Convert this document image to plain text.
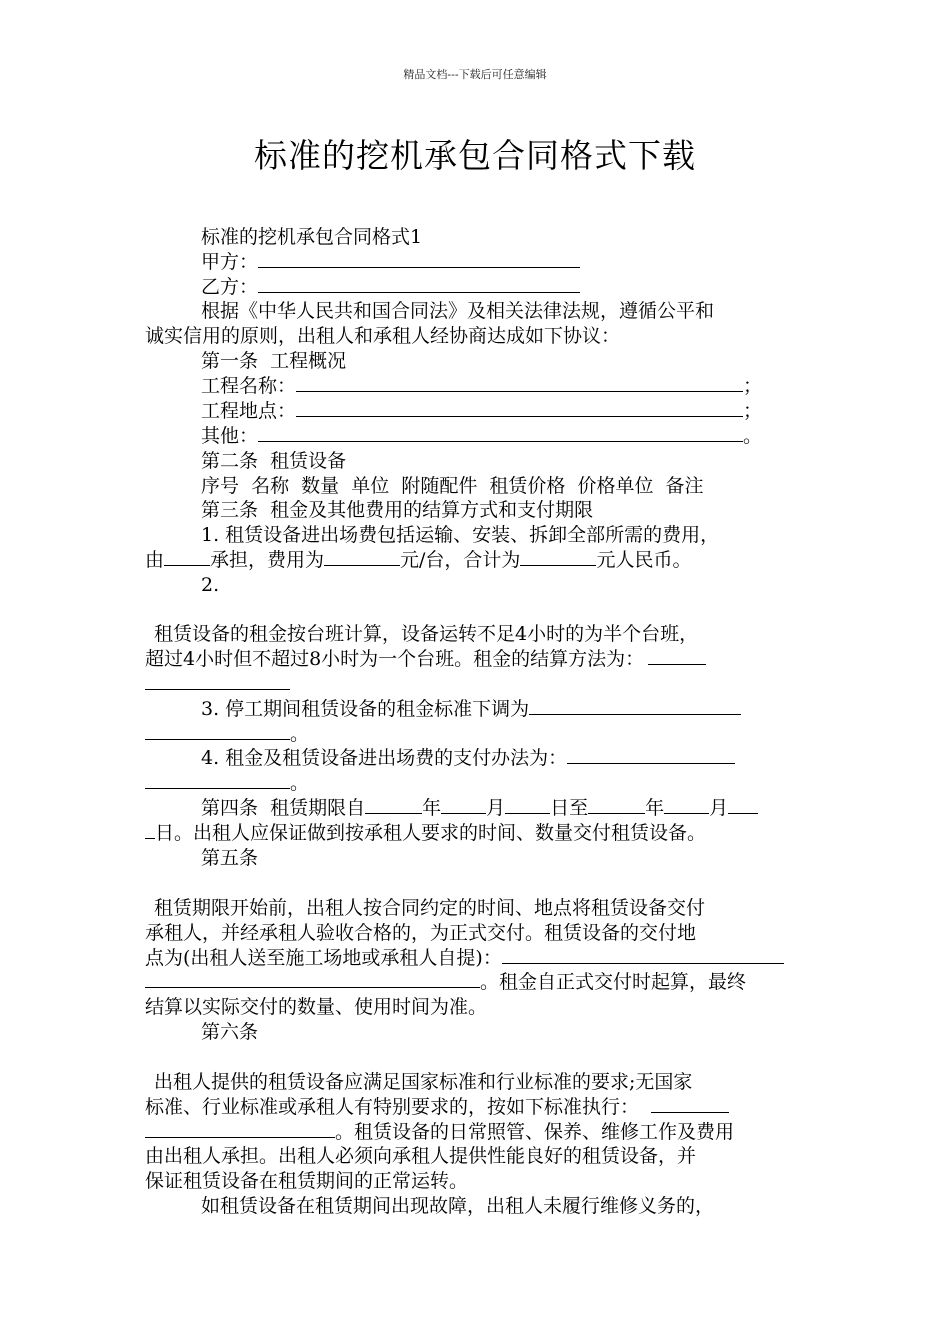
精品文档---下载后可任意编辑
标准的挖机承包合同格式下载
标准的挖机承包合同格式1
甲方：
乙方：
根据《中华人民共和国合同法》及相关法律法规，遵循公平和
诚实信用的原则，出租人和承租人经协商达成如下协议：
第一条  工程概况
工程名称：	；
工程地点：	；
其他：	。
第二条  租赁设备
序号  名称  数量  单位  附随配件  租赁价格  价格单位  备注
第三条  租金及其他费用的结算方式和支付期限
1. 租赁设备进出场费包括运输、安装、拆卸全部所需的费用，
由 承担，费用为	元/台，合计为	元人民币。
2.
租赁设备的租金按台班计算，设备运转不足4小时的为半个台班，
超过4小时但不超过8小时为一个台班。租金的结算方法为：
3. 停工期间租赁设备的租金标准下调为
。
4. 租金及租赁设备进出场费的支付办法为：
。
第四条  租赁期限自	年 月 日至	年 月
日。出租人应保证做到按承租人要求的时间、数量交付租赁设备。
第五条
租赁期限开始前，出租人按合同约定的时间、地点将租赁设备交付
承租人，并经承租人验收合格的，为正式交付。租赁设备的交付地
点为(出租人送至施工场地或承租人自提)：
。租金自正式交付时起算，最终
结算以实际交付的数量、使用时间为准。
第六条
出租人提供的租赁设备应满足国家标准和行业标准的要求;无国家
标准、行业标准或承租人有特别要求的，按如下标准执行：
。租赁设备的日常照管、保养、维修工作及费用
由出租人承担。出租人必须向承租人提供性能良好的租赁设备，并
保证租赁设备在租赁期间的正常运转。
如租赁设备在租赁期间出现故障，出租人未履行维修义务的，
